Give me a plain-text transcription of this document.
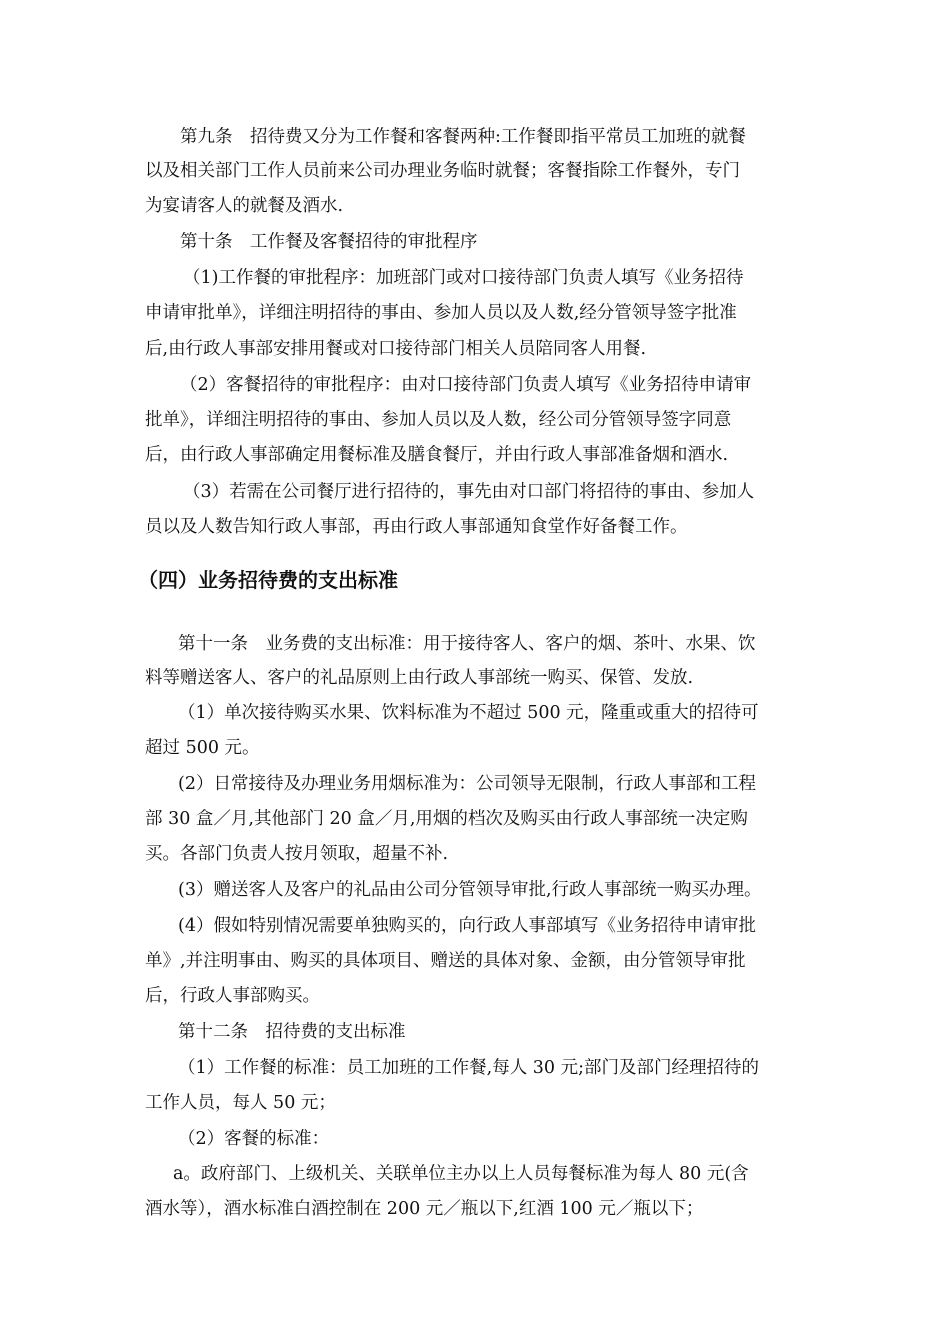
第九条　招待费又分为工作餐和客餐两种:工作餐即指平常员工加班的就餐
以及相关部门工作人员前来公司办理业务临时就餐；客餐指除工作餐外，专门
为宴请客人的就餐及酒水.
第十条　工作餐及客餐招待的审批程序
（1)工作餐的审批程序：加班部门或对口接待部门负责人填写《业务招待
申请审批单》，详细注明招待的事由、参加人员以及人数,经分管领导签字批准
后,由行政人事部安排用餐或对口接待部门相关人员陪同客人用餐.
（2）客餐招待的审批程序：由对口接待部门负责人填写《业务招待申请审
批单》，详细注明招待的事由、参加人员以及人数，经公司分管领导签字同意
后，由行政人事部确定用餐标准及膳食餐厅，并由行政人事部准备烟和酒水.
（3）若需在公司餐厅进行招待的，事先由对口部门将招待的事由、参加人
员以及人数告知行政人事部，再由行政人事部通知食堂作好备餐工作。
（四）业务招待费的支出标准
第十一条　业务费的支出标准：用于接待客人、客户的烟、茶叶、水果、饮
料等赠送客人、客户的礼品原则上由行政人事部统一购买、保管、发放.
（1）单次接待购买水果、饮料标准为不超过 500 元，隆重或重大的招待可
超过 500 元。
(2）日常接待及办理业务用烟标准为：公司领导无限制，行政人事部和工程
部 30 盒／月,其他部门 20 盒／月,用烟的档次及购买由行政人事部统一决定购
买。各部门负责人按月领取，超量不补.
(3）赠送客人及客户的礼品由公司分管领导审批,行政人事部统一购买办理。
(4）假如特别情况需要单独购买的，向行政人事部填写《业务招待申请审批
单》,并注明事由、购买的具体项目、赠送的具体对象、金额，由分管领导审批
后，行政人事部购买。
第十二条　招待费的支出标准
（1）工作餐的标准：员工加班的工作餐,每人 30 元;部门及部门经理招待的
工作人员，每人 50 元；
（2）客餐的标准：
a。政府部门、上级机关、关联单位主办以上人员每餐标准为每人 80 元(含
酒水等），酒水标准白酒控制在 200 元／瓶以下,红酒 100 元／瓶以下；
